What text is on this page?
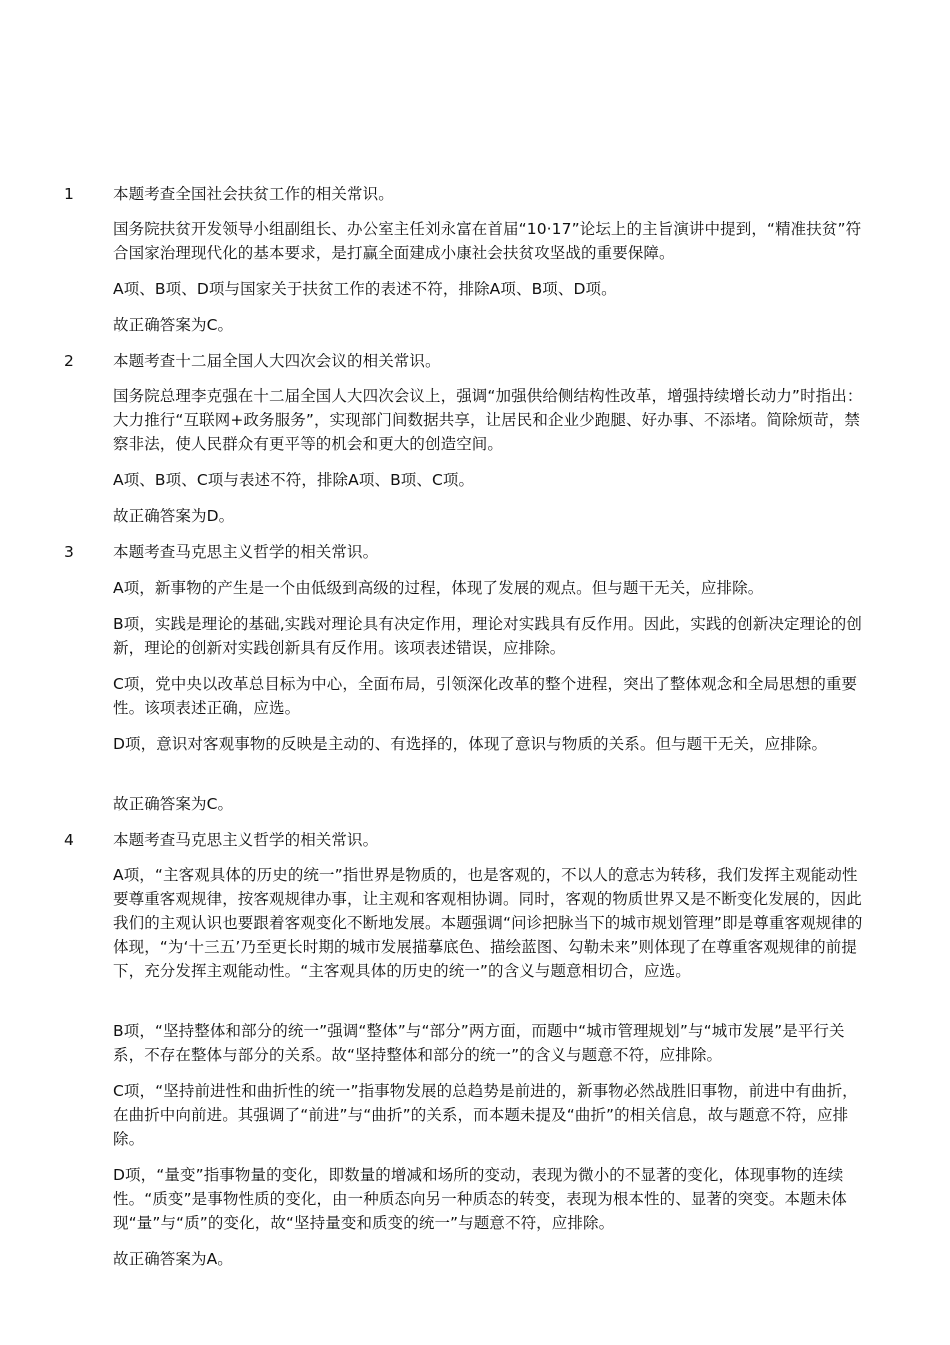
1	本题考查全国社会扶贫工作的相关常识。
国务院扶贫开发领导小组副组长、办公室主任刘永富在首届“10·17”论坛上的主旨演讲中提到，“精准扶贫”符合国家治理现代化的基本要求，是打赢全面建成小康社会扶贫攻坚战的重要保障。
A项、B项、D项与国家关于扶贫工作的表述不符，排除A项、B项、D项。
故正确答案为C。
2	本题考查十二届全国人大四次会议的相关常识。
国务院总理李克强在十二届全国人大四次会议上，强调“加强供给侧结构性改革，增强持续增长动力”时指出：大力推行“互联网+政务服务”，实现部门间数据共享，让居民和企业少跑腿、好办事、不添堵。简除烦苛，禁察非法，使人民群众有更平等的机会和更大的创造空间。
A项、B项、C项与表述不符，排除A项、B项、C项。
故正确答案为D。
3	本题考查马克思主义哲学的相关常识。
A项，新事物的产生是一个由低级到高级的过程，体现了发展的观点。但与题干无关，应排除。
B项，实践是理论的基础,实践对理论具有决定作用，理论对实践具有反作用。因此，实践的创新决定理论的创新，理论的创新对实践创新具有反作用。该项表述错误，应排除。
C项，党中央以改革总目标为中心，全面布局，引领深化改革的整个进程，突出了整体观念和全局思想的重要性。该项表述正确，应选。
D项，意识对客观事物的反映是主动的、有选择的，体现了意识与物质的关系。但与题干无关，应排除。
故正确答案为C。
4	本题考查马克思主义哲学的相关常识。
A项，“主客观具体的历史的统一”指世界是物质的，也是客观的，不以人的意志为转移，我们发挥主观能动性要尊重客观规律，按客观规律办事，让主观和客观相协调。同时，客观的物质世界又是不断变化发展的，因此我们的主观认识也要跟着客观变化不断地发展。本题强调“问诊把脉当下的城市规划管理”即是尊重客观规律的体现，“为‘十三五’乃至更长时期的城市发展描摹底色、描绘蓝图、勾勒未来”则体现了在尊重客观规律的前提下，充分发挥主观能动性。“主客观具体的历史的统一”的含义与题意相切合，应选。
B项，“坚持整体和部分的统一”强调“整体”与“部分”两方面，而题中“城市管理规划”与“城市发展”是平行关系，不存在整体与部分的关系。故“坚持整体和部分的统一”的含义与题意不符，应排除。
C项，“坚持前进性和曲折性的统一”指事物发展的总趋势是前进的，新事物必然战胜旧事物，前进中有曲折，在曲折中向前进。其强调了“前进”与“曲折”的关系，而本题未提及“曲折”的相关信息，故与题意不符，应排除。
D项，“量变”指事物量的变化，即数量的增减和场所的变动，表现为微小的不显著的变化，体现事物的连续性。“质变”是事物性质的变化，由一种质态向另一种质态的转变，表现为根本性的、显著的突变。本题未体现“量”与“质”的变化，故“坚持量变和质变的统一”与题意不符，应排除。
故正确答案为A。
